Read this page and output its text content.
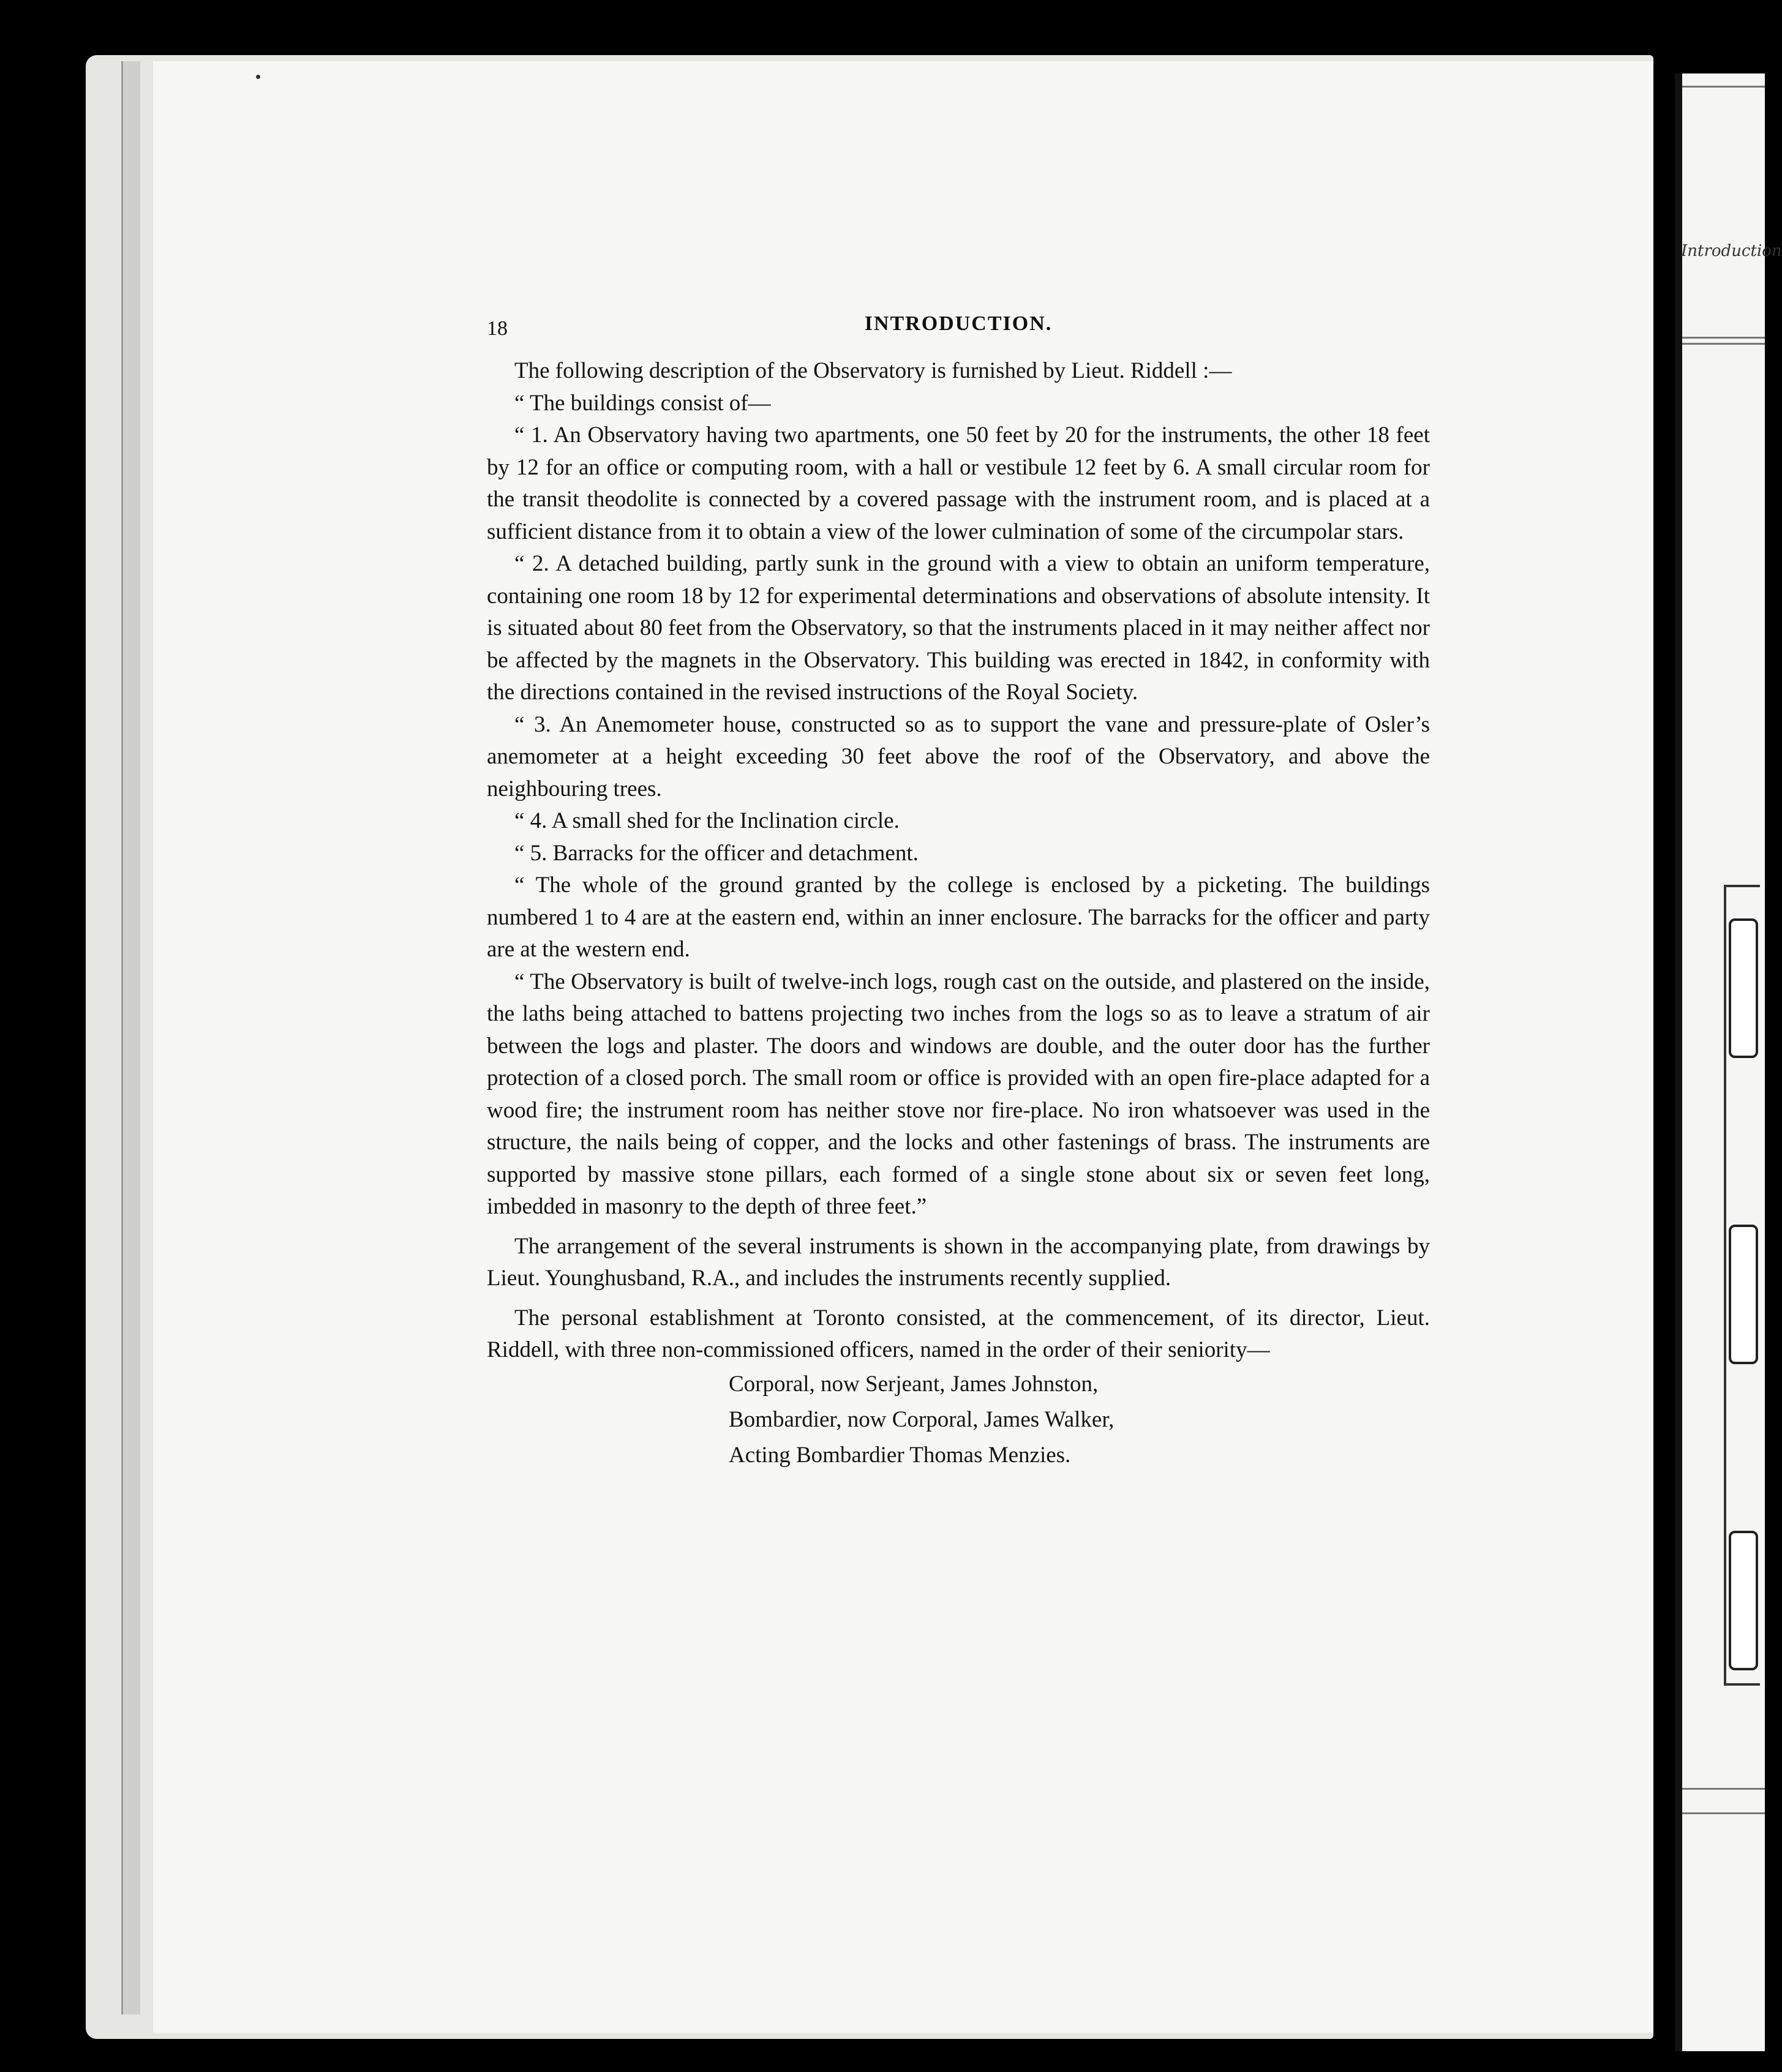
Introduction
18	INTRODUCTION.

The following description of the Observatory is furnished by Lieut. Riddell :—

“ The buildings consist of—

“ 1. An Observatory having two apartments, one 50 feet by 20 for the instruments, the other 18 feet by 12 for an office or computing room, with a hall or vestibule 12 feet by 6. A small circular room for the transit theodolite is connected by a covered passage with the instrument room, and is placed at a sufficient distance from it to obtain a view of the lower culmination of some of the circumpolar stars.

“ 2. A detached building, partly sunk in the ground with a view to obtain an uniform temperature, containing one room 18 by 12 for experimental determinations and observations of absolute intensity. It is situated about 80 feet from the Observatory, so that the instruments placed in it may neither affect nor be affected by the magnets in the Observatory. This building was erected in 1842, in conformity with the directions contained in the revised instructions of the Royal Society.

“ 3. An Anemometer house, constructed so as to support the vane and pressure-plate of Osler’s anemometer at a height exceeding 30 feet above the roof of the Observatory, and above the neighbouring trees.

“ 4. A small shed for the Inclination circle.

“ 5. Barracks for the officer and detachment.

“ The whole of the ground granted by the college is enclosed by a picketing. The buildings numbered 1 to 4 are at the eastern end, within an inner enclosure. The barracks for the officer and party are at the western end.

“ The Observatory is built of twelve-inch logs, rough cast on the outside, and plastered on the inside, the laths being attached to battens projecting two inches from the logs so as to leave a stratum of air between the logs and plaster. The doors and windows are double, and the outer door has the further protection of a closed porch. The small room or office is provided with an open fire-place adapted for a wood fire; the instrument room has neither stove nor fire-place. No iron whatsoever was used in the structure, the nails being of copper, and the locks and other fastenings of brass. The instruments are supported by massive stone pillars, each formed of a single stone about six or seven feet long, imbedded in masonry to the depth of three feet.”

The arrangement of the several instruments is shown in the accompanying plate, from drawings by Lieut. Younghusband, R.A., and includes the instruments recently supplied.

The personal establishment at Toronto consisted, at the commencement, of its director, Lieut. Riddell, with three non-commissioned officers, named in the order of their seniority—

Corporal, now Serjeant, James Johnston,
Bombardier, now Corporal, James Walker,
Acting Bombardier Thomas Menzies.
